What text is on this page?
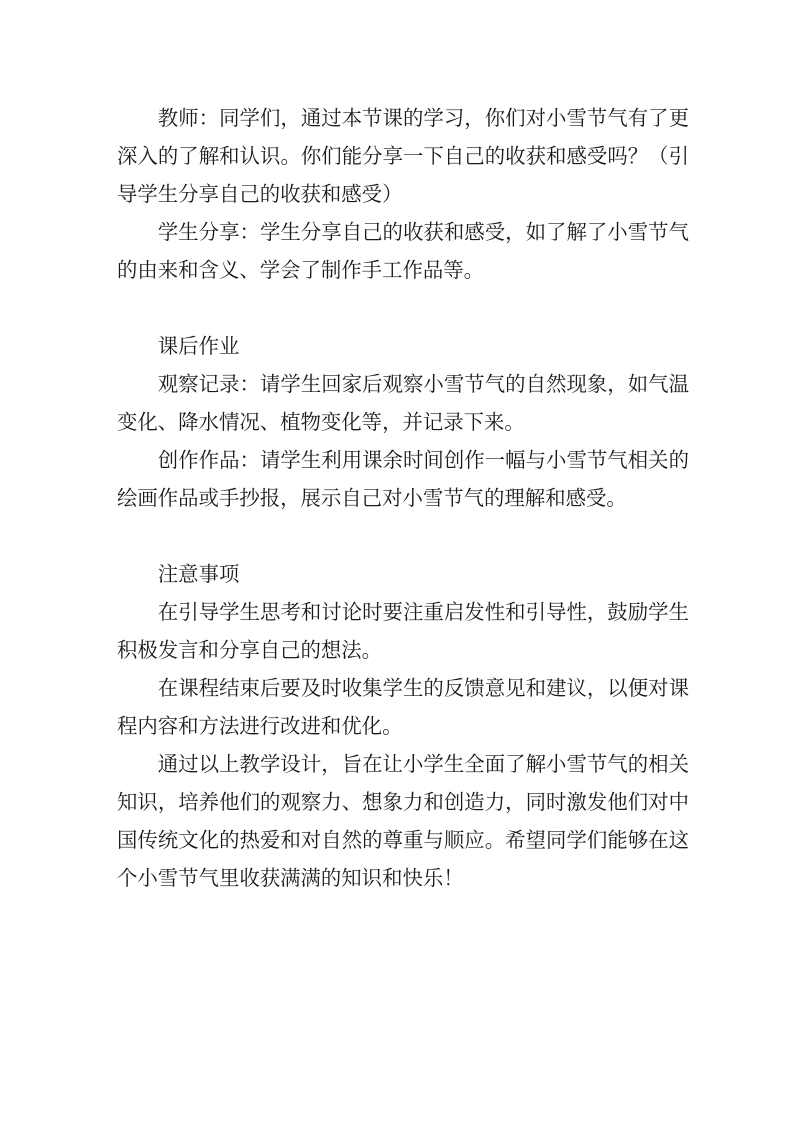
教师：同学们，通过本节课的学习，你们对小雪节气有了更深入的了解和认识。你们能分享一下自己的收获和感受吗？（引导学生分享自己的收获和感受）

学生分享：学生分享自己的收获和感受，如了解了小雪节气的由来和含义、学会了制作手工作品等。

课后作业

观察记录：请学生回家后观察小雪节气的自然现象，如气温变化、降水情况、植物变化等，并记录下来。

创作作品：请学生利用课余时间创作一幅与小雪节气相关的绘画作品或手抄报，展示自己对小雪节气的理解和感受。

注意事项

在引导学生思考和讨论时要注重启发性和引导性，鼓励学生积极发言和分享自己的想法。

在课程结束后要及时收集学生的反馈意见和建议，以便对课程内容和方法进行改进和优化。

通过以上教学设计，旨在让小学生全面了解小雪节气的相关知识，培养他们的观察力、想象力和创造力，同时激发他们对中国传统文化的热爱和对自然的尊重与顺应。希望同学们能够在这个小雪节气里收获满满的知识和快乐！
